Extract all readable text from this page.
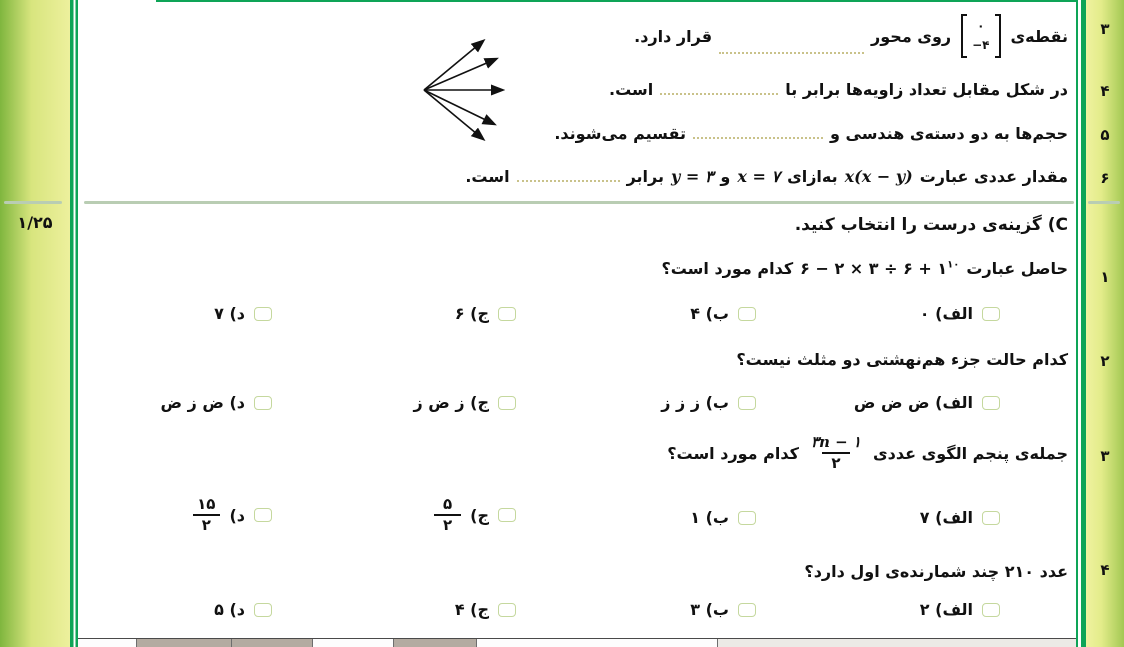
۱/۲۵
نقطه‌ی
۰
−۴
روی محور
قرار دارد.
در شکل مقابل تعداد زاویه‌ها برابر با
است.
حجم‌ها به دو دسته‌ی هندسی و
تقسیم می‌شوند.
مقدار عددی عبارت
x(x − y)
به‌ازای
x = ۷
و
y = ۳
برابر
است.
C) گزینه‌ی درست را انتخاب کنید.
حاصل عبارت
۶ − ۲ × ۳ ÷ ۶ + $۱^{۱۰}$
کدام مورد است؟
الف) ۰
ب) ۴
ج) ۶
د) ۷
کدام حالت جزء هم‌نهشتی دو مثلث نیست؟
الف) ض ض ض
ب) ز ز ز
ج) ز ض ز
د) ض ز ض
جمله‌ی پنجم الگوی عددی
$\frac{۳n - ۱}{۲}$
کدام مورد است؟
الف) ۷
ب) ۱
ج)
$\frac{۵}{۲}$
د)
$\frac{۱۵}{۲}$
عدد ۲۱۰ چند شمارنده‌ی اول دارد؟
الف) ۲
ب) ۳
ج) ۴
د) ۵
۳
۴
۵
۶
۱
۲
۳
۴
